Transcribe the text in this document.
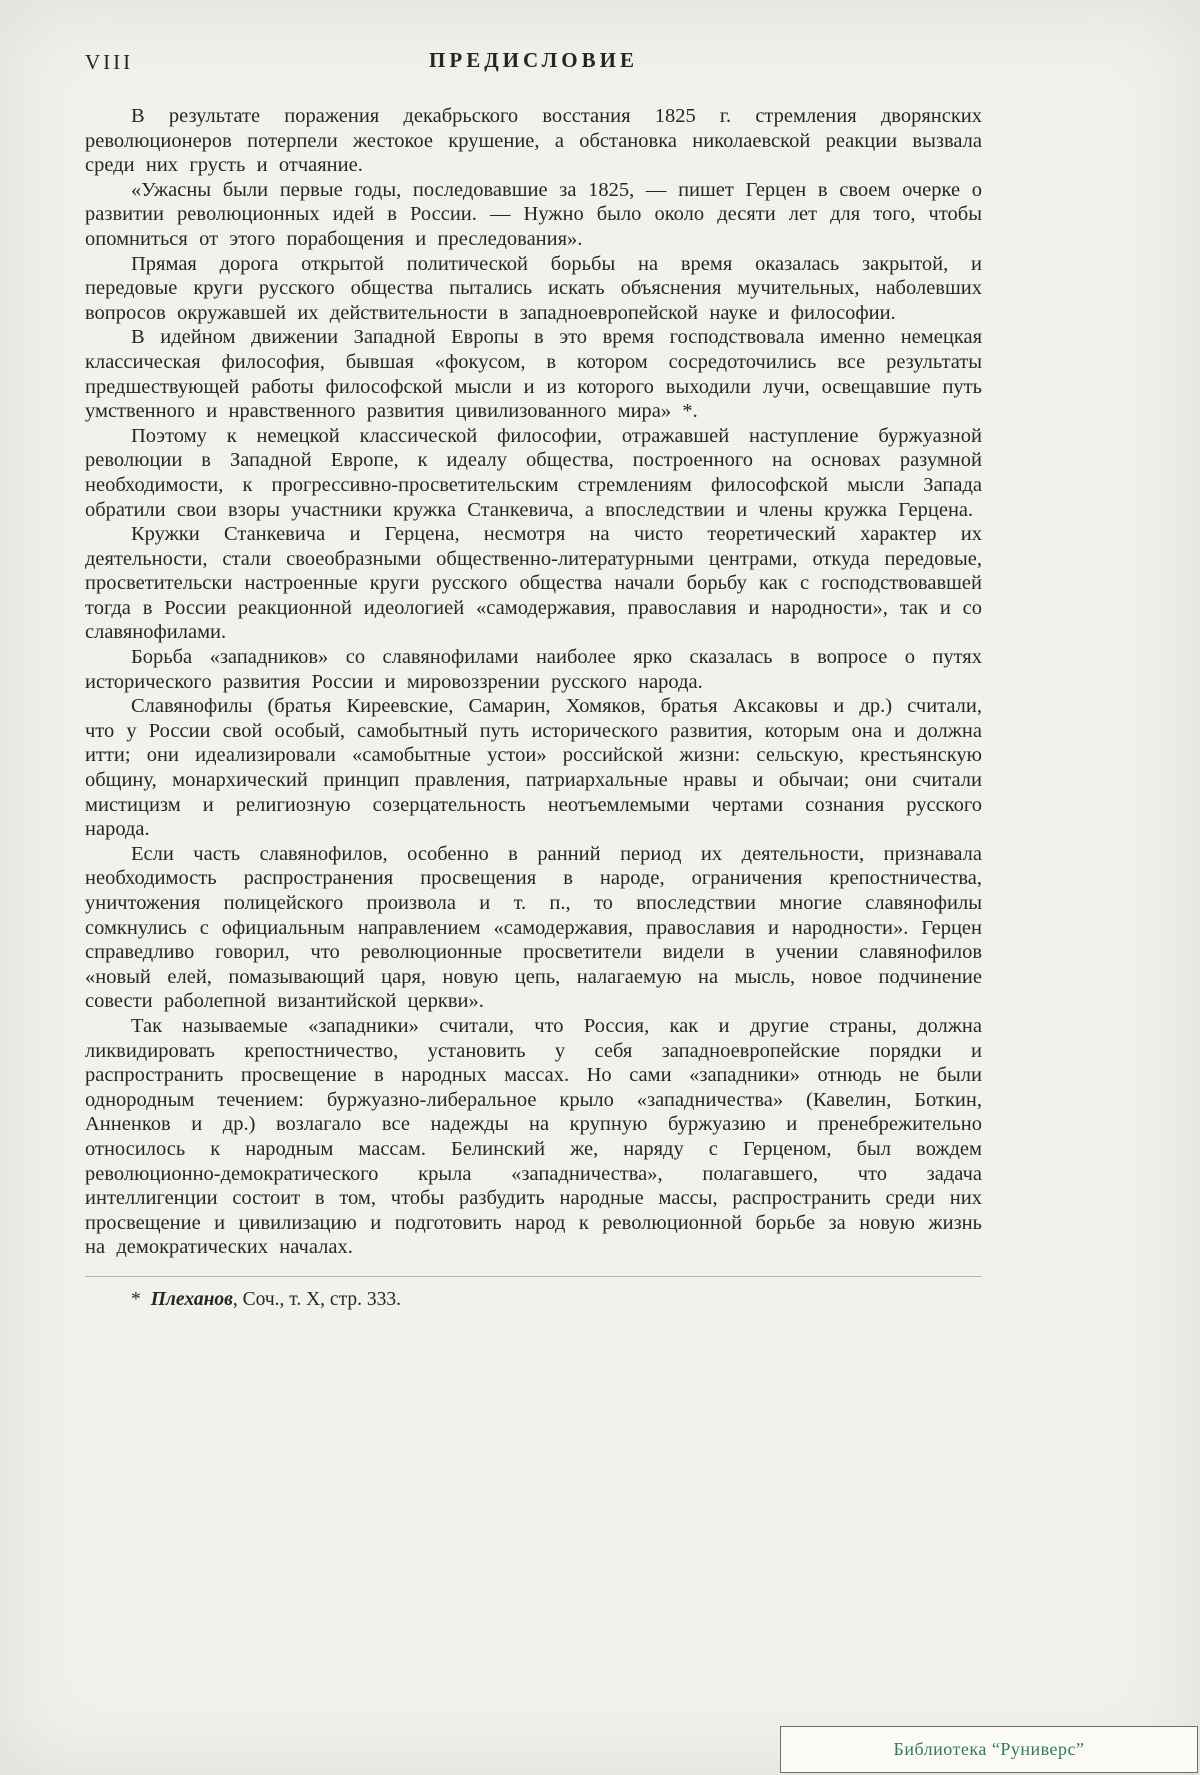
VIII	ПРЕДИСЛОВИЕ

В результате поражения декабрьского восстания 1825 г. стремления дворянских революционеров потерпели жестокое крушение, а обстановка николаевской реакции вызвала среди них грусть и отчаяние.

«Ужасны были первые годы, последовавшие за 1825, — пишет Герцен в своем очерке о развитии революционных идей в России. — Нужно было около десяти лет для того, чтобы опомниться от этого порабощения и преследования».

Прямая дорога открытой политической борьбы на время оказалась закрытой, и передовые круги русского общества пытались искать объяснения мучительных, наболевших вопросов окружавшей их действительности в западноевропейской науке и философии.

В идейном движении Западной Европы в это время господствовала именно немецкая классическая философия, бывшая «фокусом, в котором сосредоточились все результаты предшествующей работы философской мысли и из которого выходили лучи, освещавшие путь умственного и нравственного развития цивилизованного мира» *.

Поэтому к немецкой классической философии, отражавшей наступление буржуазной революции в Западной Европе, к идеалу общества, построенного на основах разумной необходимости, к прогрессивно-просветительским стремлениям философской мысли Запада обратили свои взоры участники кружка Станкевича, а впоследствии и члены кружка Герцена.

Кружки Станкевича и Герцена, несмотря на чисто теоретический характер их деятельности, стали своеобразными общественно-литературными центрами, откуда передовые, просветительски настроенные круги русского общества начали борьбу как с господствовавшей тогда в России реакционной идеологией «самодержавия, православия и народности», так и со славянофилами.

Борьба «западников» со славянофилами наиболее ярко сказалась в вопросе о путях исторического развития России и мировоззрении русского народа.

Славянофилы (братья Киреевские, Самарин, Хомяков, братья Аксаковы и др.) считали, что у России свой особый, самобытный путь исторического развития, которым она и должна итти; они идеализировали «самобытные устои» российской жизни: сельскую, крестьянскую общину, монархический принцип правления, патриархальные нравы и обычаи; они считали мистицизм и религиозную созерцательность неотъемлемыми чертами сознания русского народа.

Если часть славянофилов, особенно в ранний период их деятельности, признавала необходимость распространения просвещения в народе, ограничения крепостничества, уничтожения полицейского произвола и т. п., то впоследствии многие славянофилы сомкнулись с официальным направлением «самодержавия, православия и народности». Герцен справедливо говорил, что революционные просветители видели в учении славянофилов «новый елей, помазывающий царя, новую цепь, налагаемую на мысль, новое подчинение совести раболепной византийской церкви».

Так называемые «западники» считали, что Россия, как и другие страны, должна ликвидировать крепостничество, установить у себя западноевропейские порядки и распространить просвещение в народных массах. Но сами «западники» отнюдь не были однородным течением: буржуазно-либеральное крыло «западничества» (Кавелин, Боткин, Анненков и др.) возлагало все надежды на крупную буржуазию и пренебрежительно относилось к народным массам. Белинский же, наряду с Герценом, был вождем революционно-демократического крыла «западничества», полагавшего, что задача интеллигенции состоит в том, чтобы разбудить народные массы, распространить среди них просвещение и цивилизацию и подготовить народ к революционной борьбе за новую жизнь на демократических началах.

* Плеханов, Соч., т. X, стр. 333.
Библиотека “Руниверс”
